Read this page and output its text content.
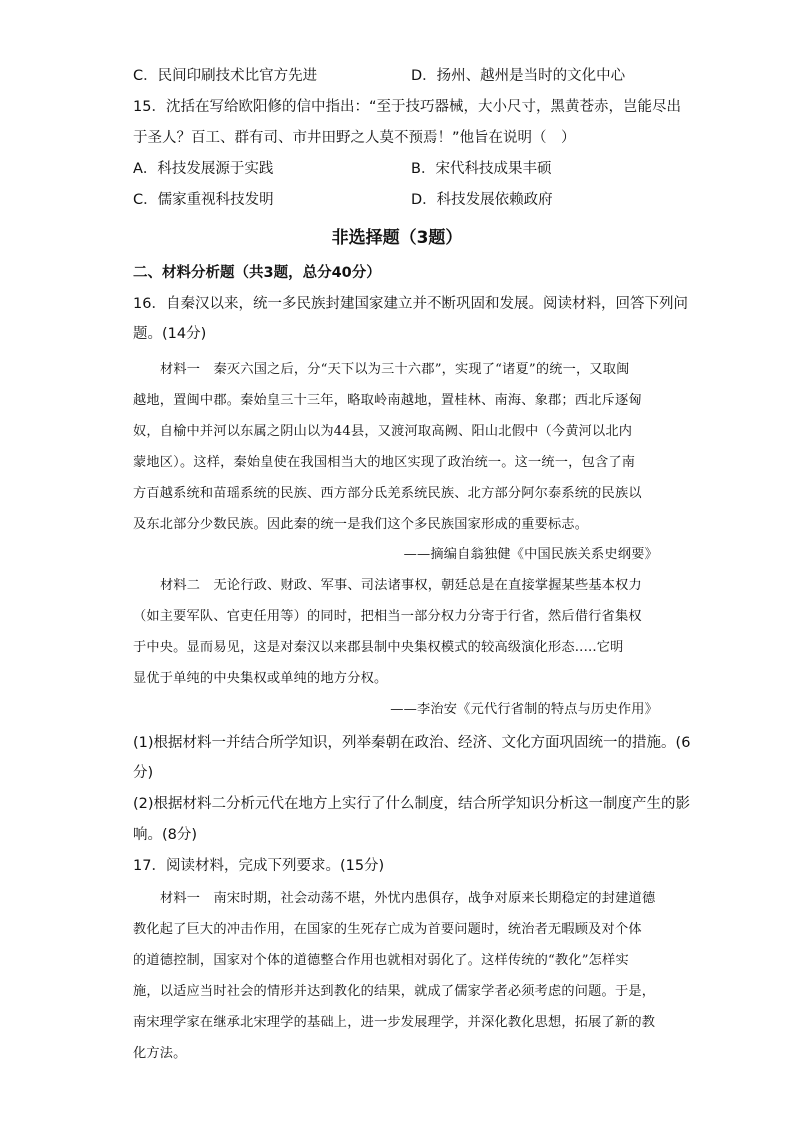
C．民间印刷技术比官方先进	D．扬州、越州是当时的文化中心
15．沈括在写给欧阳修的信中指出：“至于技巧器械，大小尺寸，黑黄苍赤，岂能尽出
于圣人？百工、群有司、市井田野之人莫不预焉！”他旨在说明（　）
A．科技发展源于实践	B．宋代科技成果丰硕
C．儒家重视科技发明	D．科技发展依赖政府
非选择题（3题）
二、材料分析题（共3题，总分40分）
16．自秦汉以来，统一多民族封建国家建立并不断巩固和发展。阅读材料，回答下列问
题。(14分)
材料一　秦灭六国之后，分“天下以为三十六郡”，实现了“诸夏”的统一，又取闽
越地，置闽中郡。秦始皇三十三年，略取岭南越地，置桂林、南海、象郡；西北斥逐匈
奴，自榆中并河以东属之阴山以为44县，又渡河取高阙、阳山北假中（今黄河以北内
蒙地区）。这样，秦始皇使在我国相当大的地区实现了政治统一。这一统一，包含了南
方百越系统和苗瑶系统的民族、西方部分氐羌系统民族、北方部分阿尔泰系统的民族以
及东北部分少数民族。因此秦的统一是我们这个多民族国家形成的重要标志。
——摘编自翁独健《中国民族关系史纲要》
材料二　无论行政、财政、军事、司法诸事权，朝廷总是在直接掌握某些基本权力
（如主要军队、官吏任用等）的同时，把相当一部分权力分寄于行省，然后借行省集权
于中央。显而易见，这是对秦汉以来郡县制中央集权模式的较高级演化形态.....它明
显优于单纯的中央集权或单纯的地方分权。
——李治安《元代行省制的特点与历史作用》
(1)根据材料一并结合所学知识，列举秦朝在政治、经济、文化方面巩固统一的措施。(6
分)
(2)根据材料二分析元代在地方上实行了什么制度，结合所学知识分析这一制度产生的影
响。(8分)
17．阅读材料，完成下列要求。(15分)
材料一　南宋时期，社会动荡不堪，外忧内患俱存，战争对原来长期稳定的封建道德
教化起了巨大的冲击作用，在国家的生死存亡成为首要问题时，统治者无暇顾及对个体
的道德控制，国家对个体的道德整合作用也就相对弱化了。这样传统的“教化”怎样实
施，以适应当时社会的情形并达到教化的结果，就成了儒家学者必须考虑的问题。于是，
南宋理学家在继承北宋理学的基础上，进一步发展理学，并深化教化思想，拓展了新的教
化方法。
